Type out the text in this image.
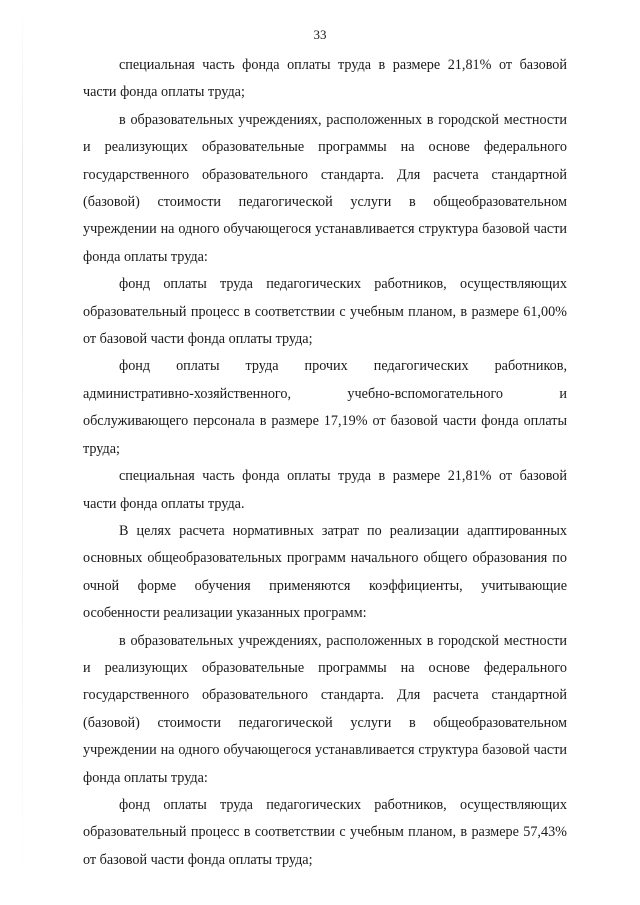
33

специальная часть фонда оплаты труда в размере 21,81% от базовой части фонда оплаты труда;

в образовательных учреждениях, расположенных в городской местности и реализующих образовательные программы на основе федерального государственного образовательного стандарта. Для расчета стандартной (базовой) стоимости педагогической услуги в общеобразовательном учреждении на одного обучающегося устанавливается структура базовой части фонда оплаты труда:

фонд оплаты труда педагогических работников, осуществляющих образовательный процесс в соответствии с учебным планом, в размере 61,00% от базовой части фонда оплаты труда;

фонд оплаты труда прочих педагогических работников, административно-хозяйственного, учебно-вспомогательного и обслуживающего персонала в размере 17,19% от базовой части фонда оплаты труда;

специальная часть фонда оплаты труда в размере 21,81% от базовой части фонда оплаты труда.

В целях расчета нормативных затрат по реализации адаптированных основных общеобразовательных программ начального общего образования по очной форме обучения применяются коэффициенты, учитывающие особенности реализации указанных программ:

в образовательных учреждениях, расположенных в городской местности и реализующих образовательные программы на основе федерального государственного образовательного стандарта. Для расчета стандартной (базовой) стоимости педагогической услуги в общеобразовательном учреждении на одного обучающегося устанавливается структура базовой части фонда оплаты труда:

фонд оплаты труда педагогических работников, осуществляющих образовательный процесс в соответствии с учебным планом, в размере 57,43% от базовой части фонда оплаты труда;
